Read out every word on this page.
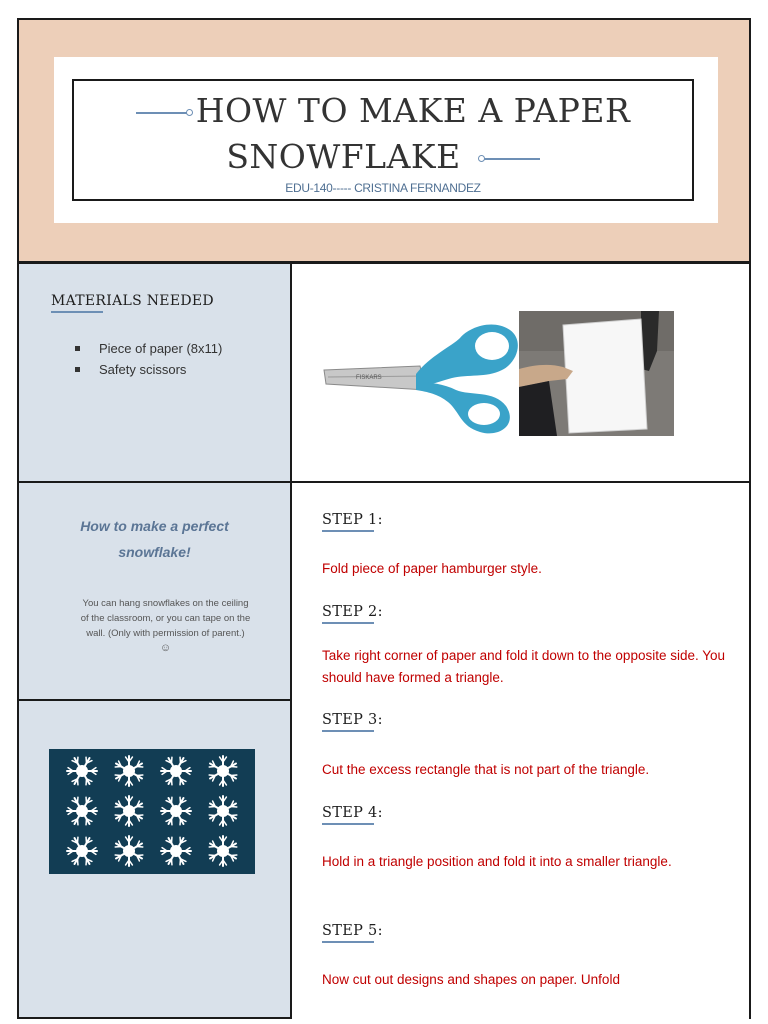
HOW TO MAKE A PAPER
SNOWFLAKE
EDU-140----- CRISTINA FERNANDEZ
MATERIALS NEEDED
Piece of paper (8x11)
Safety scissors
FISKARS
How to make a perfect
snowflake!
You can hang snowflakes on the ceiling
of the classroom, or you can tape on the
wall. (Only with permission of parent.)
☺
STEP 1:
Fold piece of paper hamburger style.
STEP 2:
Take right corner of paper and fold it down to the opposite side. You should have formed a triangle.
STEP 3:
Cut the excess rectangle that is not part of the triangle.
STEP 4:
Hold in a triangle position and fold it into a smaller triangle.
STEP 5:
Now cut out designs and shapes on paper. Unfold
